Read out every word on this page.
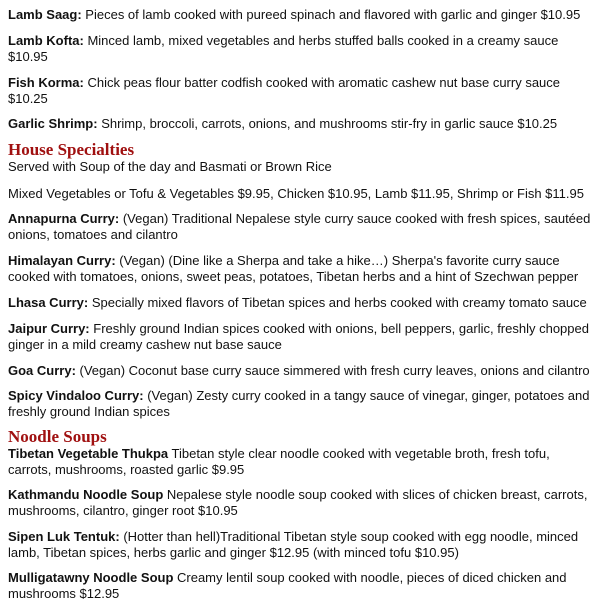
Lamb Saag: Pieces of lamb cooked with pureed spinach and flavored with garlic and ginger $10.95

Lamb Kofta: Minced lamb, mixed vegetables and herbs stuffed balls cooked in a creamy sauce $10.95

Fish Korma: Chick peas flour batter codfish cooked with aromatic cashew nut base curry sauce $10.25

Garlic Shrimp: Shrimp, broccoli, carrots, onions, and mushrooms stir-fry in garlic sauce $10.25

House Specialties

Served with Soup of the day and Basmati or Brown Rice

Mixed Vegetables or Tofu & Vegetables $9.95, Chicken $10.95, Lamb $11.95, Shrimp or Fish $11.95

Annapurna Curry: (Vegan) Traditional Nepalese style curry sauce cooked with fresh spices, sautéed onions, tomatoes and cilantro

Himalayan Curry: (Vegan) (Dine like a Sherpa and take a hike…) Sherpa's favorite curry sauce cooked with tomatoes, onions, sweet peas, potatoes, Tibetan herbs and a hint of Szechwan pepper

Lhasa Curry: Specially mixed flavors of Tibetan spices and herbs cooked with creamy tomato sauce

Jaipur Curry: Freshly ground Indian spices cooked with onions, bell peppers, garlic, freshly chopped ginger in a mild creamy cashew nut base sauce

Goa Curry: (Vegan) Coconut base curry sauce simmered with fresh curry leaves, onions and cilantro

Spicy Vindaloo Curry: (Vegan) Zesty curry cooked in a tangy sauce of vinegar, ginger, potatoes and freshly ground Indian spices

Noodle Soups

Tibetan Vegetable Thukpa Tibetan style clear noodle cooked with vegetable broth, fresh tofu, carrots, mushrooms, roasted garlic $9.95

Kathmandu Noodle Soup Nepalese style noodle soup cooked with slices of chicken breast, carrots, mushrooms, cilantro, ginger root $10.95

Sipen Luk Tentuk: (Hotter than hell)Traditional Tibetan style soup cooked with egg noodle, minced lamb, Tibetan spices, herbs garlic and ginger $12.95 (with minced tofu $10.95)

Mulligatawny Noodle Soup Creamy lentil soup cooked with noodle, pieces of diced chicken and mushrooms $12.95
